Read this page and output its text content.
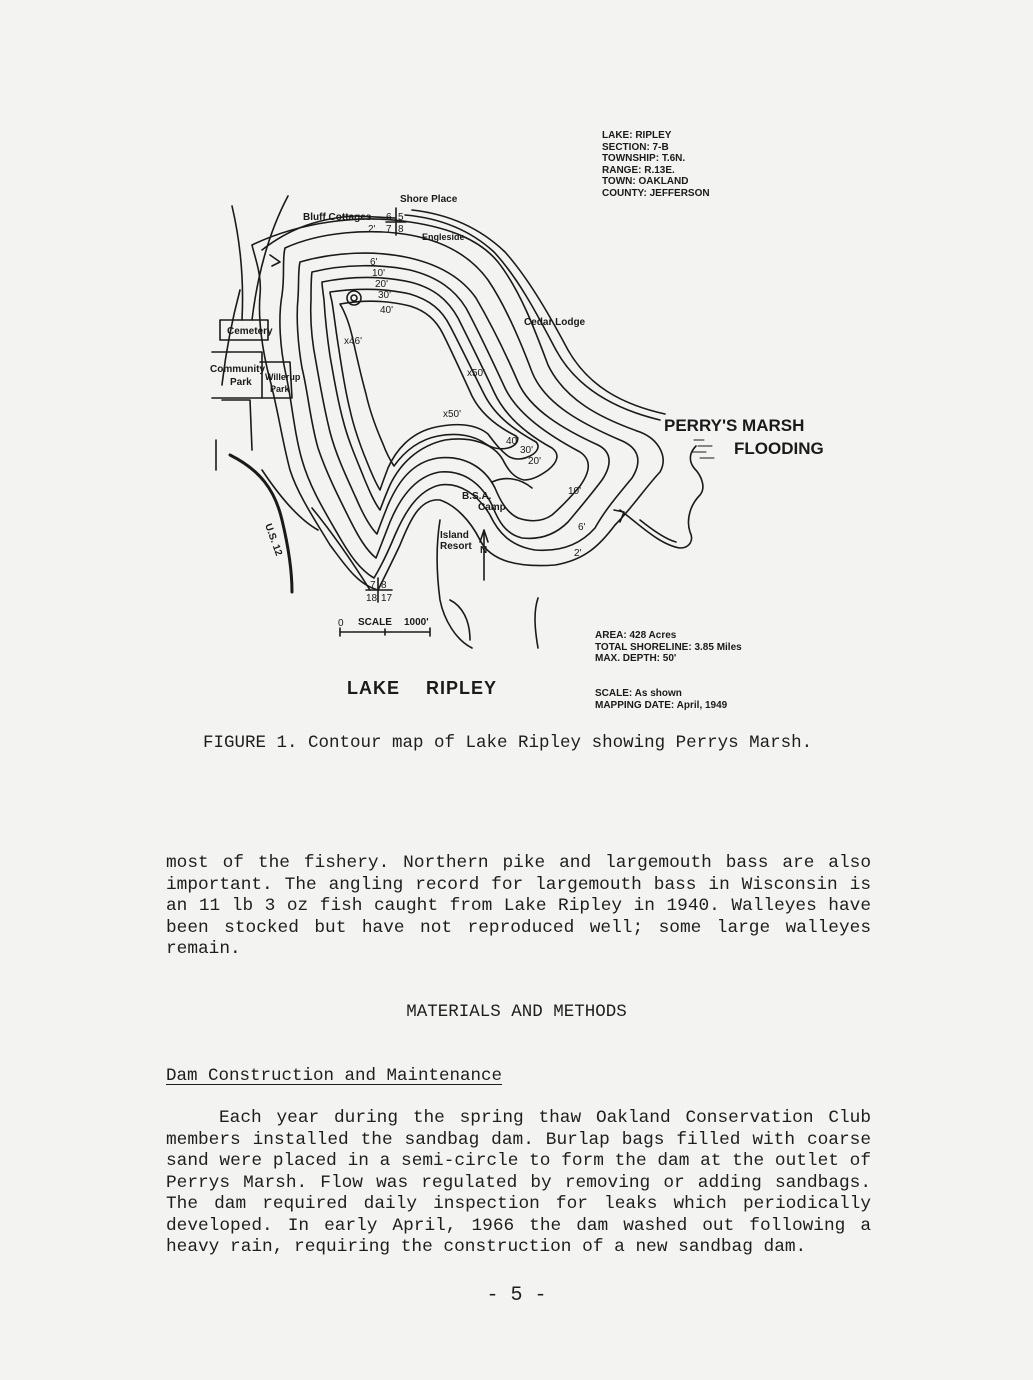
LAKE: RIPLEY
SECTION: 7-B
TOWNSHIP: T.6N.
RANGE: R.13E.
TOWN: OAKLAND
COUNTY: JEFFERSON
Bluff Cottages
Shore Place
Engleside
Cedar Lodge
Cemetery
Community
Park Willerup
Park
B.S.A.
Camp
Island
Resort
U.S. 12
PERRY'S MARSH
FLOODING
N
2'
6'
10'
20'
30'
40'
x46'
x50'
x50'
40'
30'
20'
10'
6'
2'
6 5
7 8
7 8
18 17
0 SCALE 1000'
AREA: 428 Acres
TOTAL SHORELINE: 3.85 Miles
MAX. DEPTH: 50'
SCALE: As shown
MAPPING DATE: April, 1949
LAKE RIPLEY
FIGURE 1. Contour map of Lake Ripley showing Perrys Marsh.
most of the fishery. Northern pike and largemouth bass are also important. The angling record for largemouth bass in Wisconsin is an 11 lb 3 oz fish caught from Lake Ripley in 1940. Walleyes have been stocked but have not reproduced well; some large walleyes remain.
MATERIALS AND METHODS
Dam Construction and Maintenance
Each year during the spring thaw Oakland Conservation Club members installed the sandbag dam. Burlap bags filled with coarse sand were placed in a semi-circle to form the dam at the outlet of Perrys Marsh. Flow was regulated by removing or adding sandbags. The dam required daily inspection for leaks which periodically developed. In early April, 1966 the dam washed out following a heavy rain, requiring the construction of a new sandbag dam.
- 5 -
